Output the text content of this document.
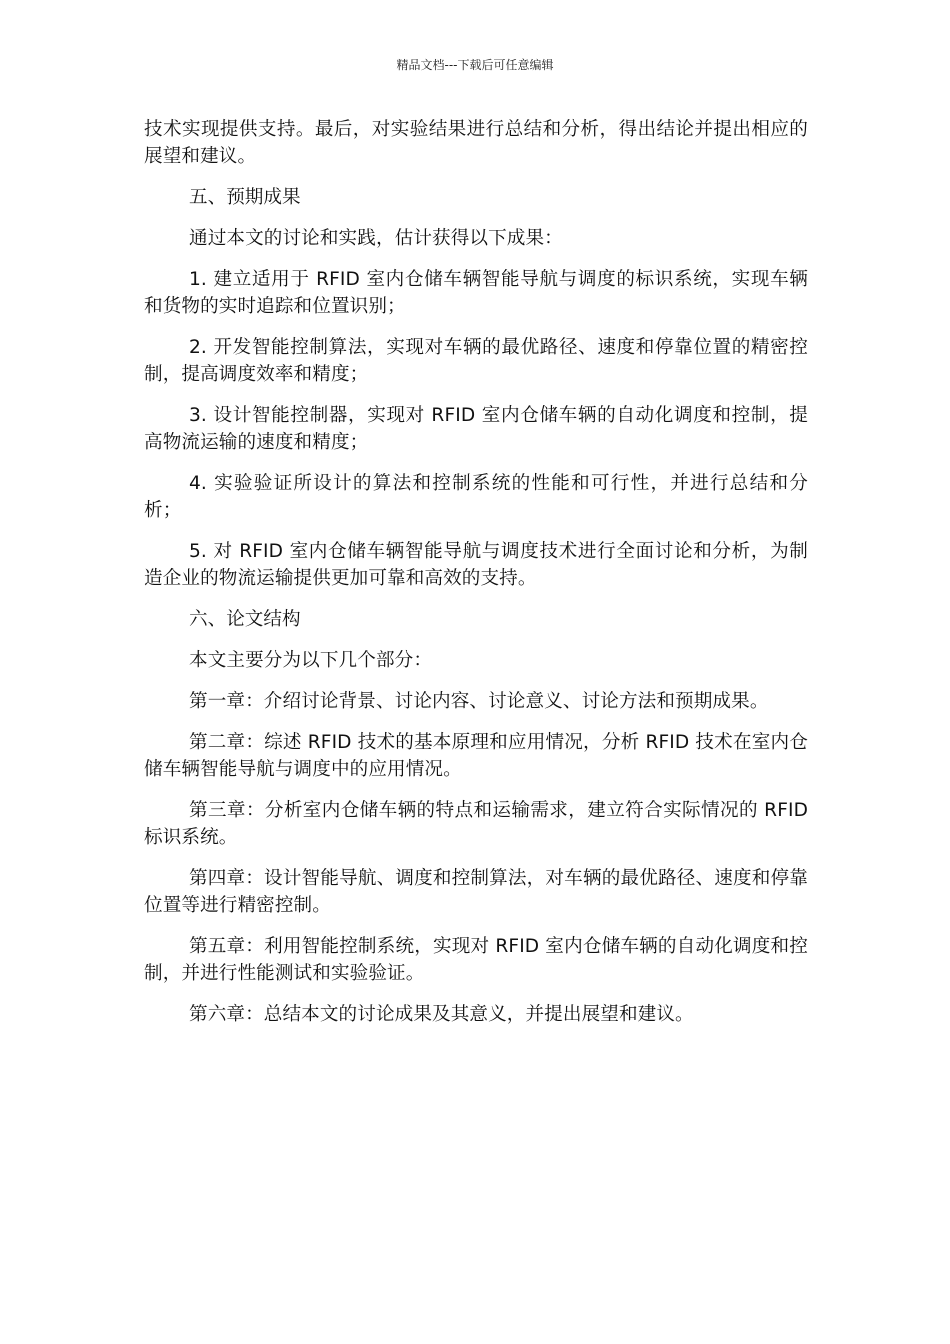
精品文档---下载后可任意编辑

技术实现提供支持。最后，对实验结果进行总结和分析，得出结论并提出相应的展望和建议。

五、预期成果

通过本文的讨论和实践，估计获得以下成果：

1. 建立适用于 RFID 室内仓储车辆智能导航与调度的标识系统，实现车辆和货物的实时追踪和位置识别；

2. 开发智能控制算法，实现对车辆的最优路径、速度和停靠位置的精密控制，提高调度效率和精度；

3. 设计智能控制器，实现对 RFID 室内仓储车辆的自动化调度和控制，提高物流运输的速度和精度；

4. 实验验证所设计的算法和控制系统的性能和可行性，并进行总结和分析；

5. 对 RFID 室内仓储车辆智能导航与调度技术进行全面讨论和分析，为制造企业的物流运输提供更加可靠和高效的支持。

六、论文结构

本文主要分为以下几个部分：

第一章：介绍讨论背景、讨论内容、讨论意义、讨论方法和预期成果。

第二章：综述 RFID 技术的基本原理和应用情况，分析 RFID 技术在室内仓储车辆智能导航与调度中的应用情况。

第三章：分析室内仓储车辆的特点和运输需求，建立符合实际情况的 RFID 标识系统。

第四章：设计智能导航、调度和控制算法，对车辆的最优路径、速度和停靠位置等进行精密控制。

第五章：利用智能控制系统，实现对 RFID 室内仓储车辆的自动化调度和控制，并进行性能测试和实验验证。

第六章：总结本文的讨论成果及其意义，并提出展望和建议。
